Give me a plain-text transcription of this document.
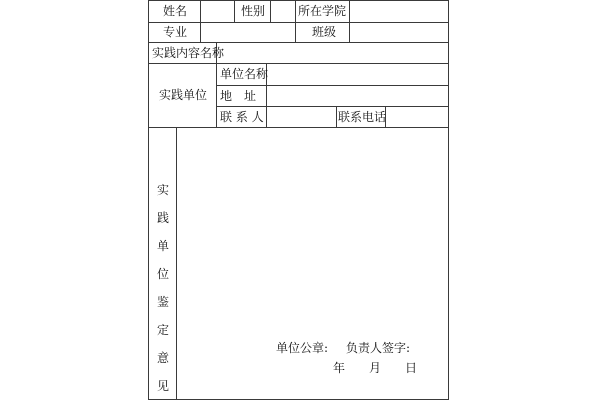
姓名	性别	所在学院
专业	班级
实践内容名称
实践单位
单位名称
地　址
联 系 人	联系电话
实
践
单
位
鉴
定
意
见
单位公章: 负责人签字:
年　　月　　日
